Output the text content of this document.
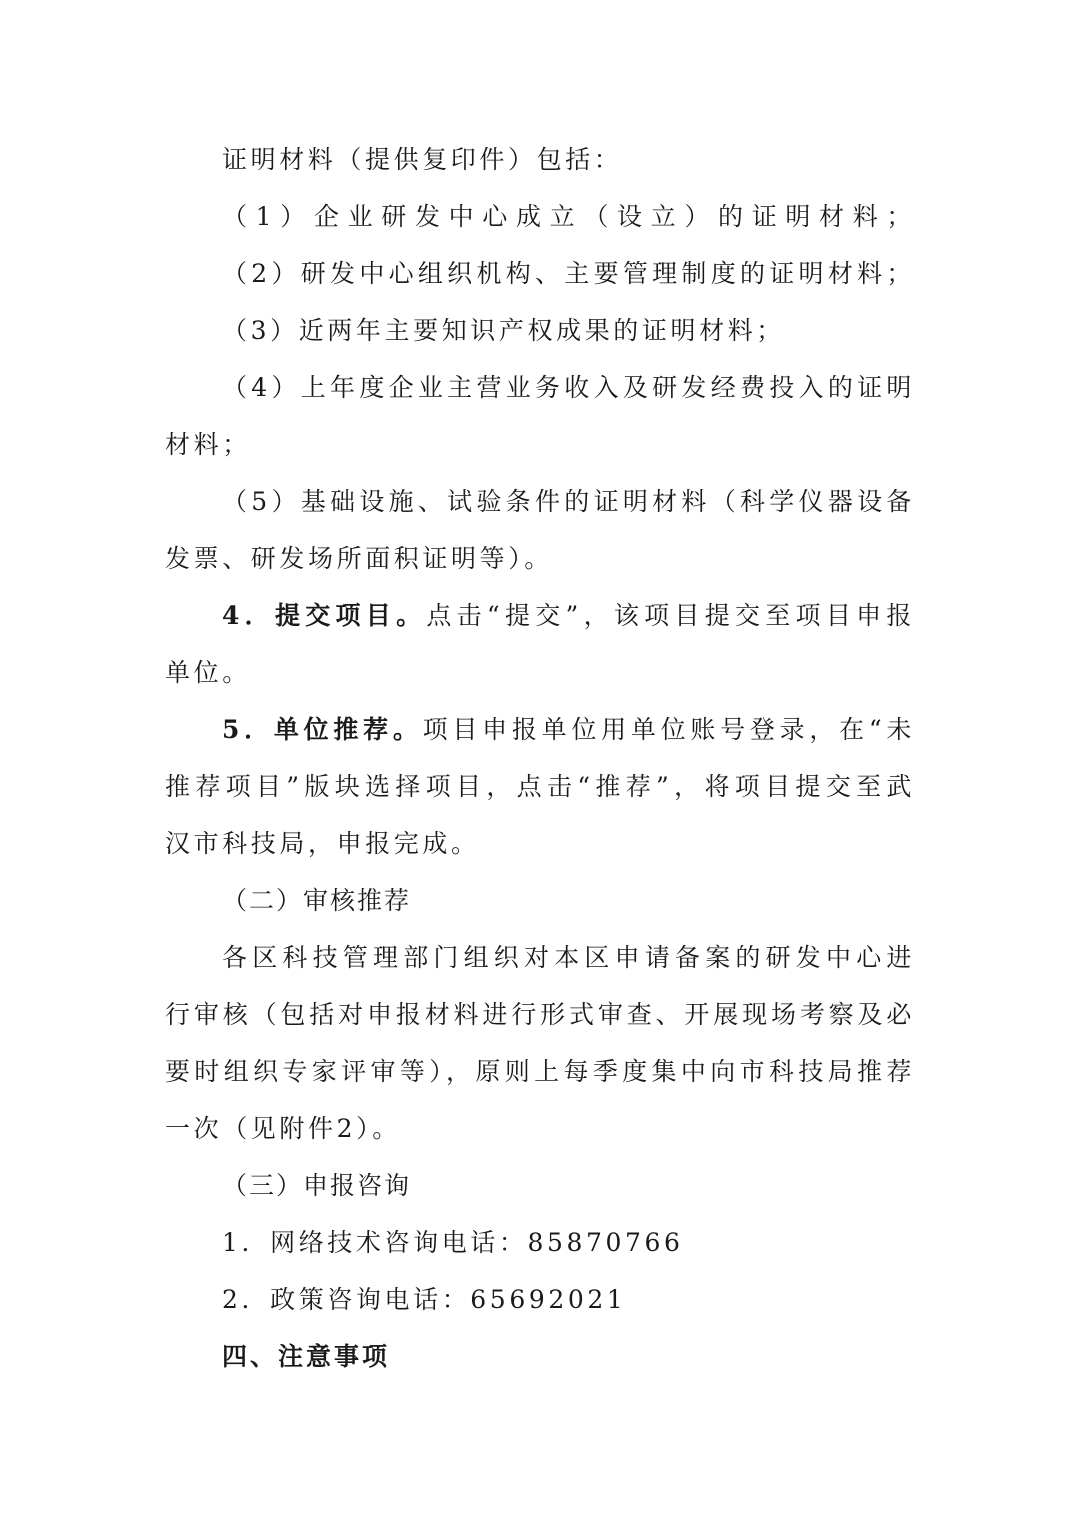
证明材料（提供复印件）包括：
（1）企业研发中心成立（设立）的证明材料；
（2）研发中心组织机构、主要管理制度的证明材料；
（3）近两年主要知识产权成果的证明材料；
（4）上年度企业主营业务收入及研发经费投入的证明
材料；
（5）基础设施、试验条件的证明材料（科学仪器设备
发票、研发场所面积证明等）。
4．提交项目。点击“提交”，该项目提交至项目申报
单位。
5．单位推荐。项目申报单位用单位账号登录，在“未
推荐项目”版块选择项目，点击“推荐”，将项目提交至武
汉市科技局，申报完成。
（二）审核推荐
各区科技管理部门组织对本区申请备案的研发中心进
行审核（包括对申报材料进行形式审查、开展现场考察及必
要时组织专家评审等），原则上每季度集中向市科技局推荐
一次（见附件2）。
（三）申报咨询
1．网络技术咨询电话：85870766
2．政策咨询电话：65692021
四、注意事项
